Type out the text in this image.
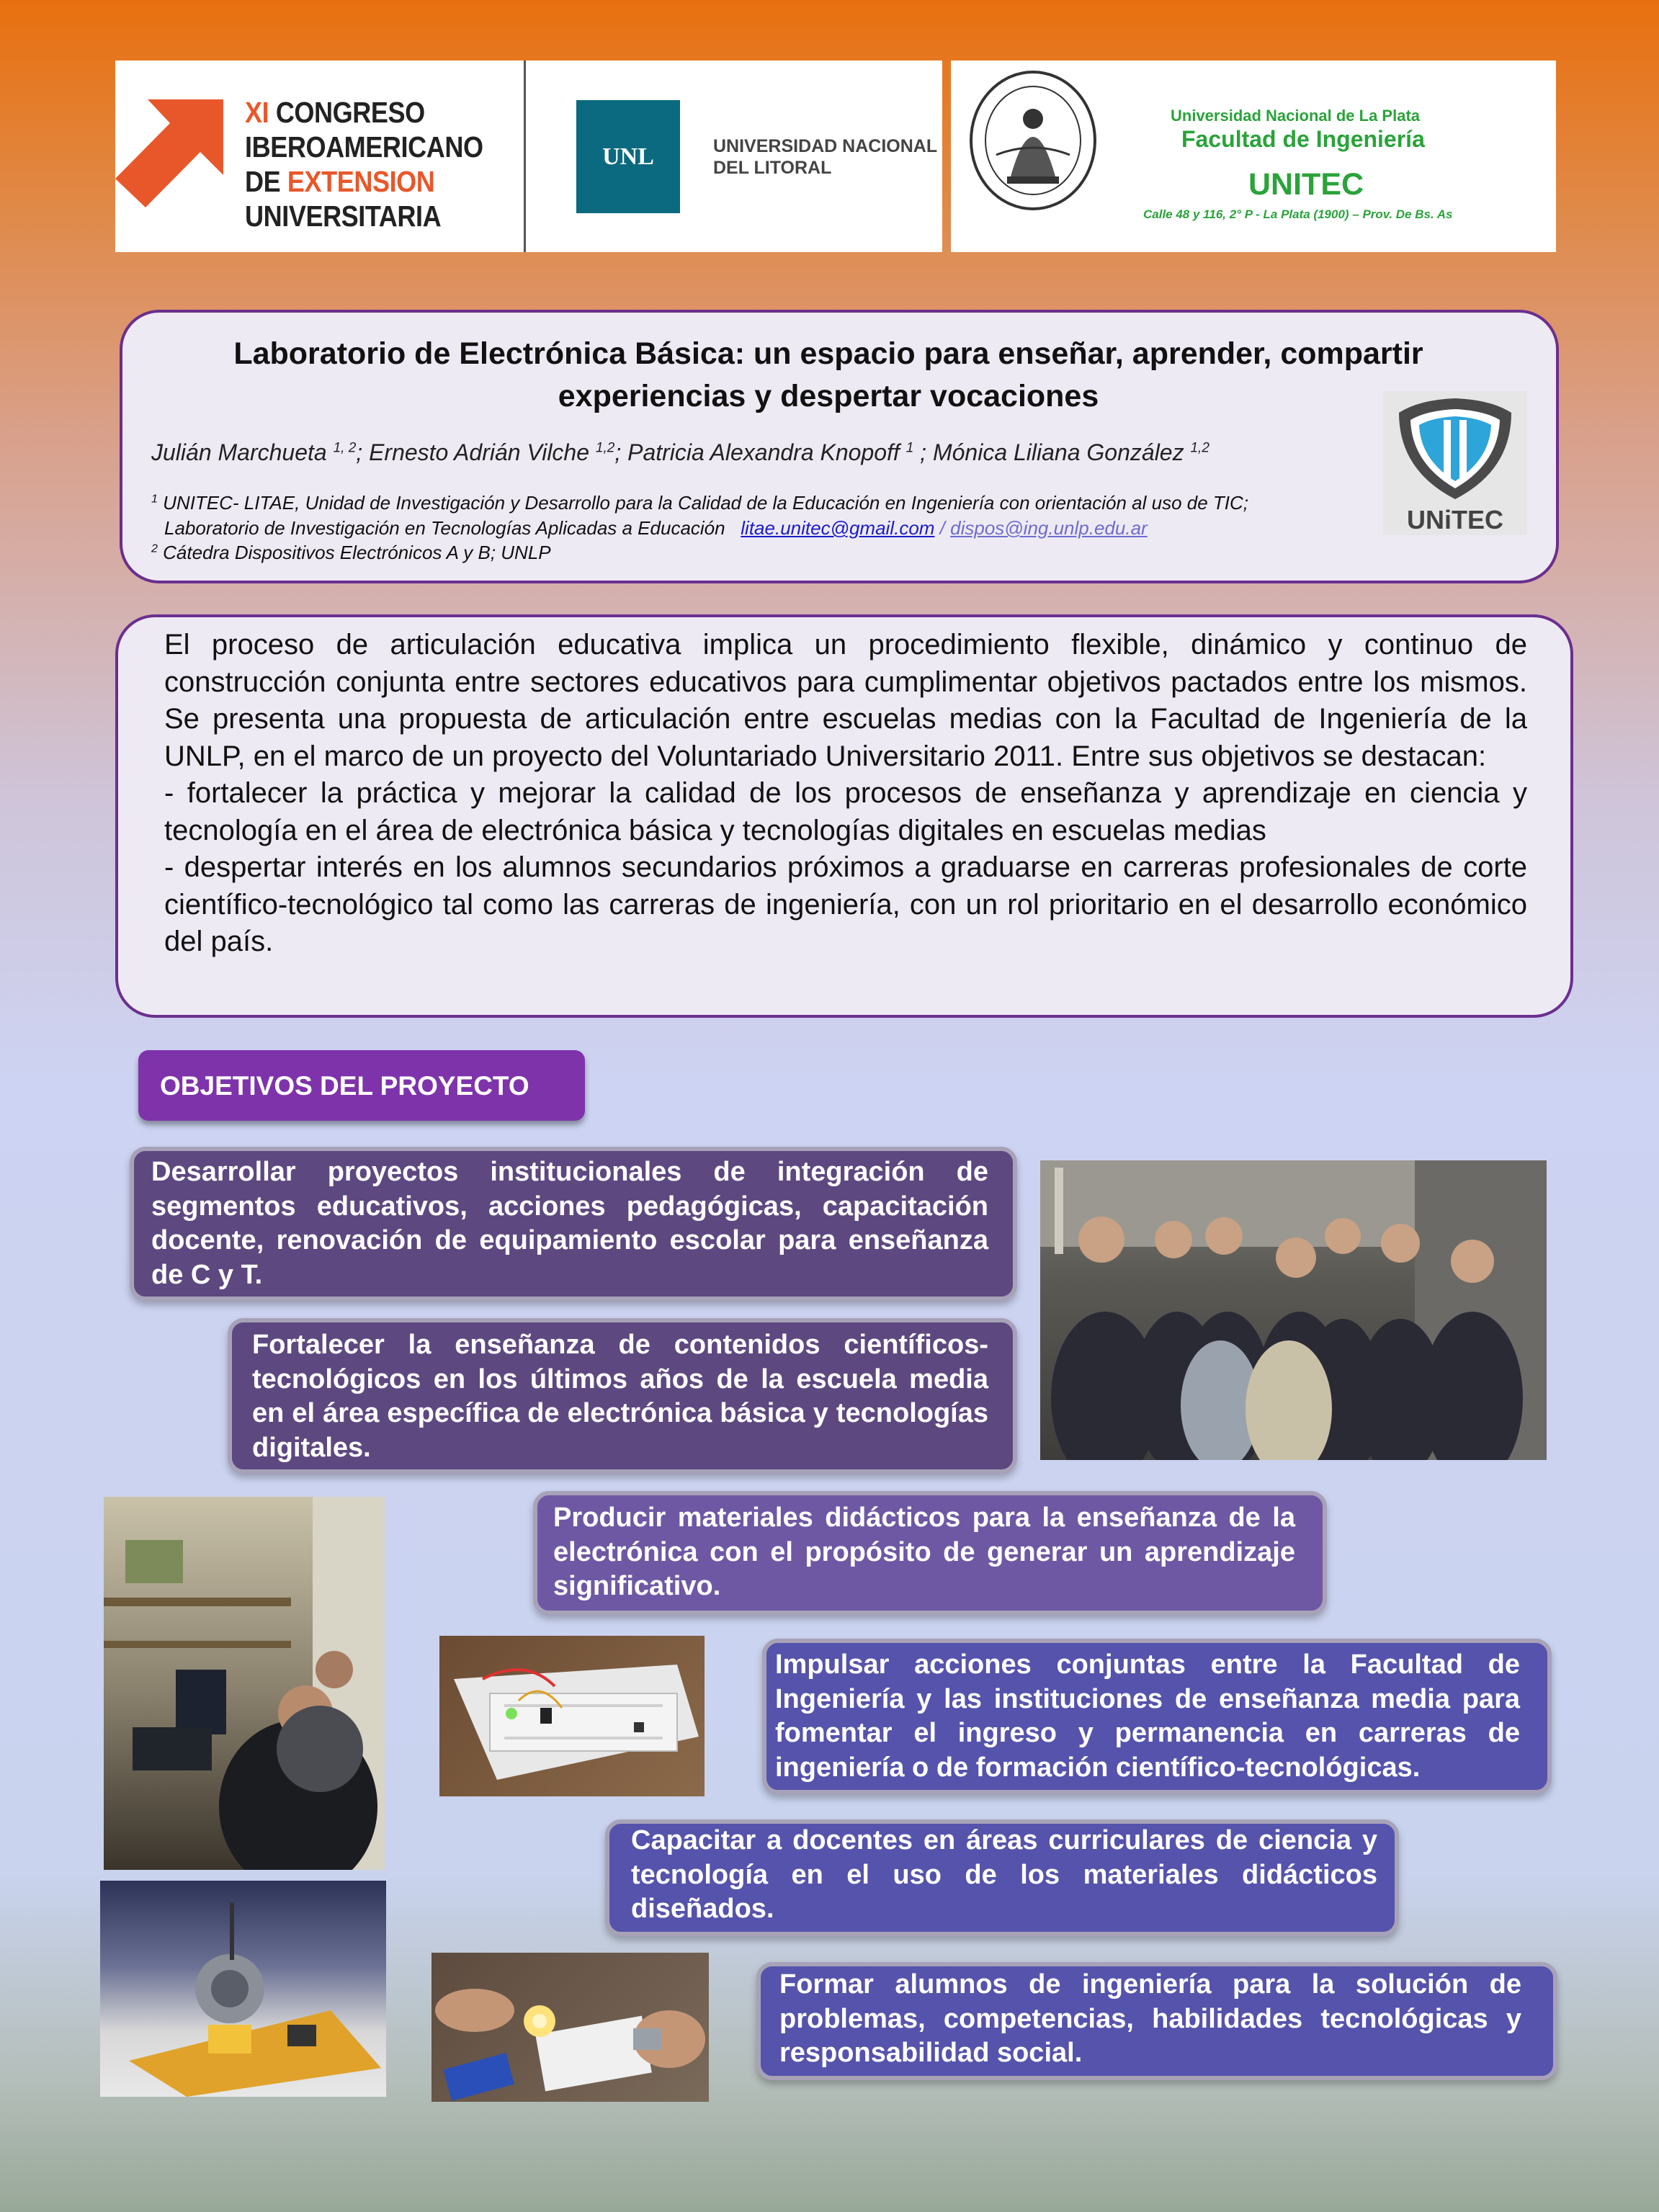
XI CONGRESO
IBEROAMERICANO
DE EXTENSION
UNIVERSITARIA
UNL	UNIVERSIDAD NACIONAL
DEL LITORAL
Universidad Nacional de La Plata
Facultad de Ingeniería
UNITEC
Calle 48 y 116, 2° P - La Plata (1900) – Prov. De Bs. As
Laboratorio de Electrónica Básica: un espacio para enseñar, aprender, compartir
experiencias y despertar vocaciones
Julián Marchueta $^{1, 2}$; Ernesto Adrián Vilche $^{1,2}$; Patricia Alexandra Knopoff $^1$ ; Mónica Liliana González $^{1,2}$
$^1$ UNITEC- LITAE, Unidad de Investigación y Desarrollo para la Calidad de la Educación en Ingeniería con orientación al uso de TIC;
Laboratorio de Investigación en Tecnologías Aplicadas a Educación litae.unitec@gmail.com / dispos@ing.unlp.edu.ar
$^2$ Cátedra Dispositivos Electrónicos A y B; UNLP
UNiTEC
El proceso de articulación educativa implica un procedimiento flexible, dinámico y continuo de construcción conjunta entre sectores educativos para cumplimentar objetivos pactados entre los mismos. Se presenta una propuesta de articulación entre escuelas medias con la Facultad de Ingeniería de la UNLP, en el marco de un proyecto del Voluntariado Universitario 2011. Entre sus objetivos se destacan:
- fortalecer la práctica y mejorar la calidad de los procesos de enseñanza y aprendizaje en ciencia y tecnología en el área de electrónica básica y tecnologías digitales en escuelas medias
- despertar interés en los alumnos secundarios próximos a graduarse en carreras profesionales de corte científico-tecnológico tal como las carreras de ingeniería, con un rol prioritario en el desarrollo económico del país.
OBJETIVOS DEL PROYECTO
Desarrollar proyectos institucionales de integración de segmentos educativos, acciones pedagógicas, capacitación docente, renovación de equipamiento escolar para enseñanza de C y T.
Fortalecer la enseñanza de contenidos científicos-tecnológicos en los últimos años de la escuela media en el área específica de electrónica básica y tecnologías digitales.
Producir materiales didácticos para la enseñanza de la electrónica con el propósito de generar un aprendizaje significativo.
Impulsar acciones conjuntas entre la Facultad de Ingeniería y las instituciones de enseñanza media para fomentar el ingreso y permanencia en carreras de ingeniería o de formación científico-tecnológicas.
Capacitar a docentes en áreas curriculares de ciencia y tecnología en el uso de los materiales didácticos diseñados.
Formar alumnos de ingeniería para la solución de problemas, competencias, habilidades tecnológicas y responsabilidad social.
